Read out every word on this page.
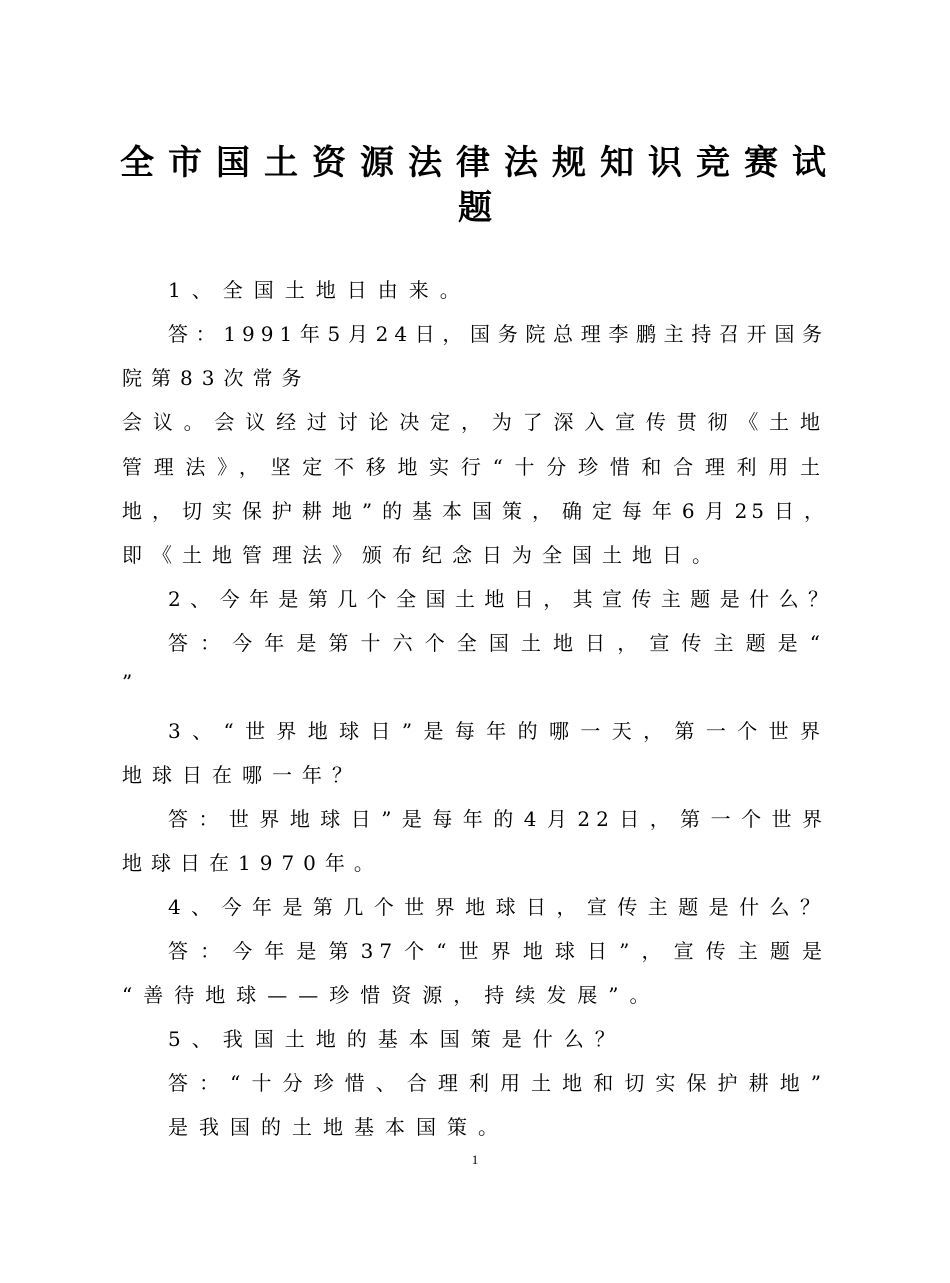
全市国土资源法律法规知识竞赛试
题
1、全国土地日由来。
答：1991年5月24日，国务院总理李鹏主持召开国务
院第83次常务
会议。会议经过讨论决定，为了深入宣传贯彻《土地
管理法》，坚定不移地实行“十分珍惜和合理利用土
地，切实保护耕地”的基本国策，确定每年6月25日，
即《土地管理法》颁布纪念日为全国土地日。
2、今年是第几个全国土地日，其宣传主题是什么？
答：今年是第十六个全国土地日，宣传主题是“
”
3、“世界地球日”是每年的哪一天，第一个世界
地球日在哪一年？
答：世界地球日”是每年的4月22日，第一个世界
地球日在1970年。
4、今年是第几个世界地球日，宣传主题是什么？
答：今年是第37个“世界地球日”，宣传主题是
“善待地球——珍惜资源，持续发展”。
5、我国土地的基本国策是什么？
答：“十分珍惜、合理利用土地和切实保护耕地”
是我国的土地基本国策。
1
